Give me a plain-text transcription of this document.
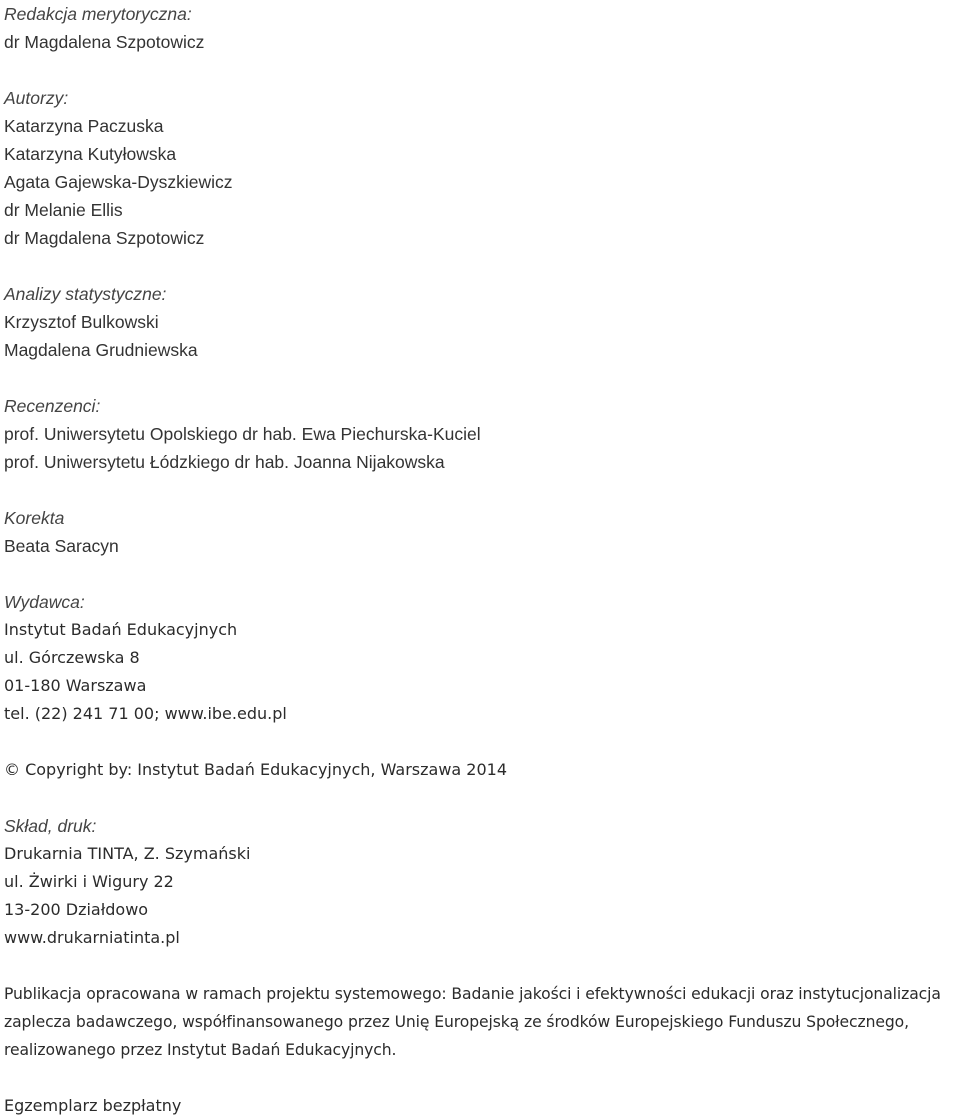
Redakcja merytoryczna:
dr Magdalena Szpotowicz
Autorzy:
Katarzyna Paczuska
Katarzyna Kutyłowska
Agata Gajewska-Dyszkiewicz
dr Melanie Ellis
dr Magdalena Szpotowicz
Analizy statystyczne:
Krzysztof Bulkowski
Magdalena Grudniewska
Recenzenci:
prof. Uniwersytetu Opolskiego dr hab. Ewa Piechurska-Kuciel
prof. Uniwersytetu Łódzkiego dr hab. Joanna Nijakowska
Korekta
Beata Saracyn
Wydawca:
Instytut Badań Edukacyjnych
ul. Górczewska 8
01-180 Warszawa
tel. (22) 241 71 00; www.ibe.edu.pl
© Copyright by: Instytut Badań Edukacyjnych, Warszawa 2014
Skład, druk:
Drukarnia TINTA, Z. Szymański
ul. Żwirki i Wigury 22
13-200 Działdowo
www.drukarniatinta.pl
Publikacja opracowana w ramach projektu systemowego: Badanie jakości i efektywności edukacji oraz instytucjonalizacja
zaplecza badawczego, współfinansowanego przez Unię Europejską ze środków Europejskiego Funduszu Społecznego,
realizowanego przez Instytut Badań Edukacyjnych.
Egzemplarz bezpłatny
